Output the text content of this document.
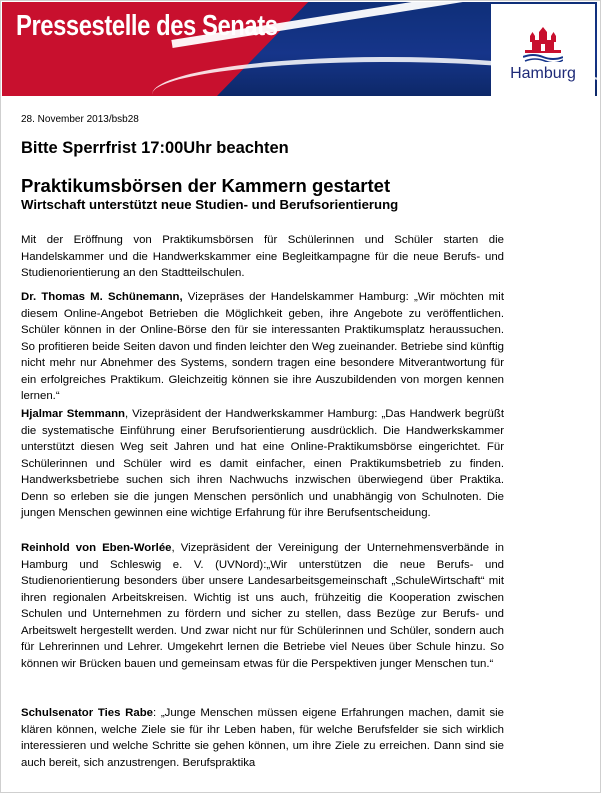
Pressestelle des Senats
Hamburg
28. November 2013/bsb28
Bitte Sperrfrist 17:00Uhr beachten
Praktikumsbörsen der Kammern gestartet
Wirtschaft unterstützt neue Studien- und Berufsorientierung

Mit der Eröffnung von Praktikumsbörsen für Schülerinnen und Schüler starten die Handelskammer und die Handwerkskammer eine Begleitkampagne für die neue Berufs- und Studienorientierung an den Stadtteilschulen.

Dr. Thomas M. Schünemann, Vizepräses der Handelskammer Hamburg: „Wir möchten mit diesem Online-Angebot Betrieben die Möglichkeit geben, ihre Angebote zu veröffentlichen. Schüler können in der Online-Börse den für sie interessanten Praktikumsplatz heraussuchen. So profitieren beide Seiten davon und finden leichter den Weg zueinander. Betriebe sind künftig nicht mehr nur Abnehmer des Systems, sondern tragen eine besondere Mitverantwortung für ein erfolgreiches Praktikum. Gleichzeitig können sie ihre Auszubildenden von morgen kennen lernen.“

Hjalmar Stemmann, Vizepräsident der Handwerkskammer Hamburg: „Das Handwerk begrüßt die systematische Einführung einer Berufsorientierung ausdrücklich. Die Handwerkskammer unterstützt diesen Weg seit Jahren und hat eine Online-Praktikumsbörse eingerichtet. Für Schülerinnen und Schüler wird es damit einfacher, einen Praktikumsbetrieb zu finden. Handwerksbetriebe suchen sich ihren Nachwuchs inzwischen überwiegend über Praktika. Denn so erleben sie die jungen Menschen persönlich und unabhängig von Schulnoten. Die jungen Menschen gewinnen eine wichtige Erfahrung für ihre Berufsentscheidung.

Reinhold von Eben-Worlée, Vizepräsident der Vereinigung der Unternehmensverbände in Hamburg und Schleswig e. V. (UVNord):„Wir unterstützen die neue Berufs- und Studienorientierung besonders über unsere Landesarbeitsgemeinschaft „SchuleWirtschaft“ mit ihren regionalen Arbeitskreisen. Wichtig ist uns auch, frühzeitig die Kooperation zwischen Schulen und Unternehmen zu fördern und sicher zu stellen, dass Bezüge zur Berufs- und Arbeitswelt hergestellt werden. Und zwar nicht nur für Schülerinnen und Schüler, sondern auch für Lehrerinnen und Lehrer. Umgekehrt lernen die Betriebe viel Neues über Schule hinzu. So können wir Brücken bauen und gemeinsam etwas für die Perspektiven junger Menschen tun.“

Schulsenator Ties Rabe: „Junge Menschen müssen eigene Erfahrungen machen, damit sie klären können, welche Ziele sie für ihr Leben haben, für welche Berufsfelder sie sich wirklich interessieren und welche Schritte sie gehen können, um ihre Ziele zu erreichen. Dann sind sie auch bereit, sich anzustrengen. Berufspraktika
